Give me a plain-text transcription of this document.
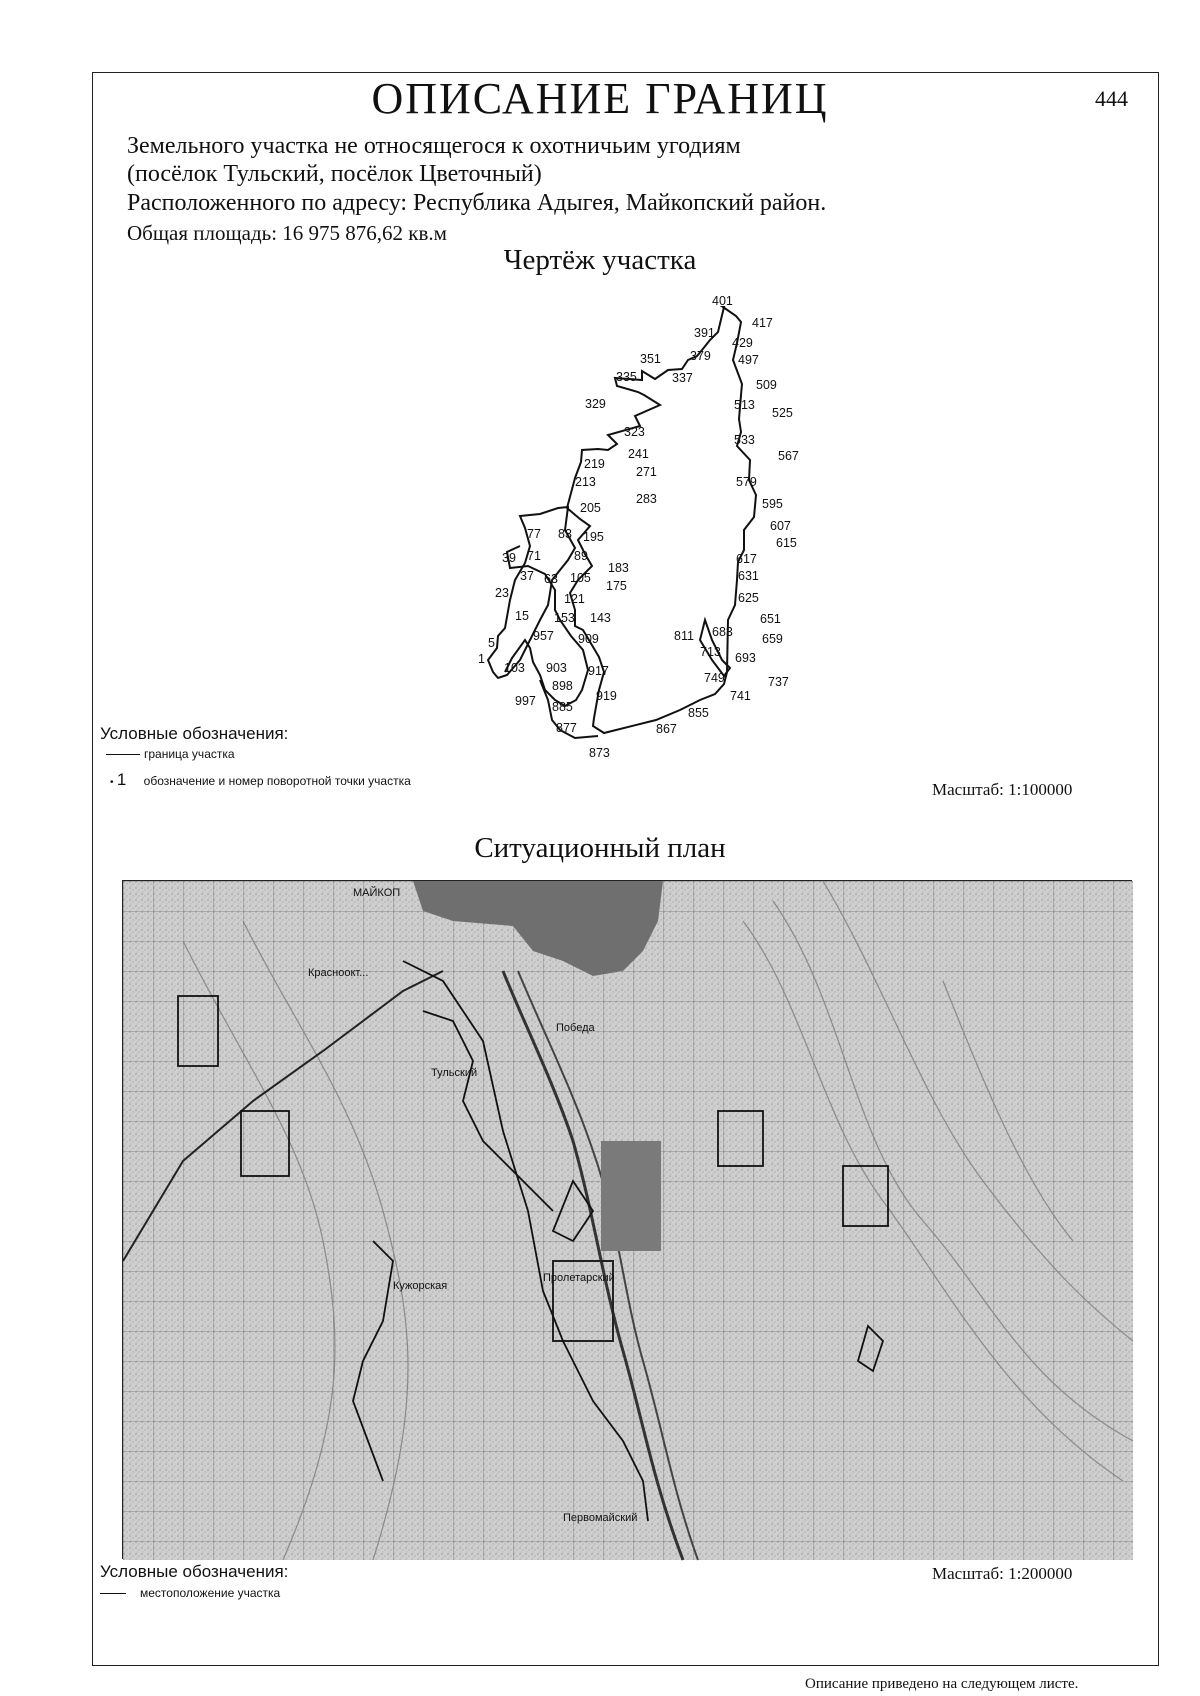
ОПИСАНИЕ ГРАНИЦ	444
Земельного участка не относящегося к охотничьим угодиям
(посёлок Тульский, посёлок Цветочный)
Расположенного по адресу: Республика Адыгея, Майкопский район.
Общая площадь: 16 975 876,62 кв.м
Чертёж участка
401
417
391
429
497
351 379
335	337	509
329	513
525
323
533
241	567
219
271
213	579
283
205	595
607
615
77 83 195
39 71	89	617
37 63 105
183
631
23	121
175
625
15 153 143	651
5	957 909	811 683 659
1
103 903 917
713 693
749	737
898
919
997 885
741
855
877	867
873
Условные обозначения:
граница участка
• 1 обозначение и номер поворотной точки участка	Масштаб: 1:100000
Ситуационный план
МАЙКОП
Красноокт...
Тульский
Победа
Кужорская
Пролетарский
Первомайский
Условные обозначения:
местоположение участка
Масштаб: 1:200000
Описание приведено на следующем листе.
